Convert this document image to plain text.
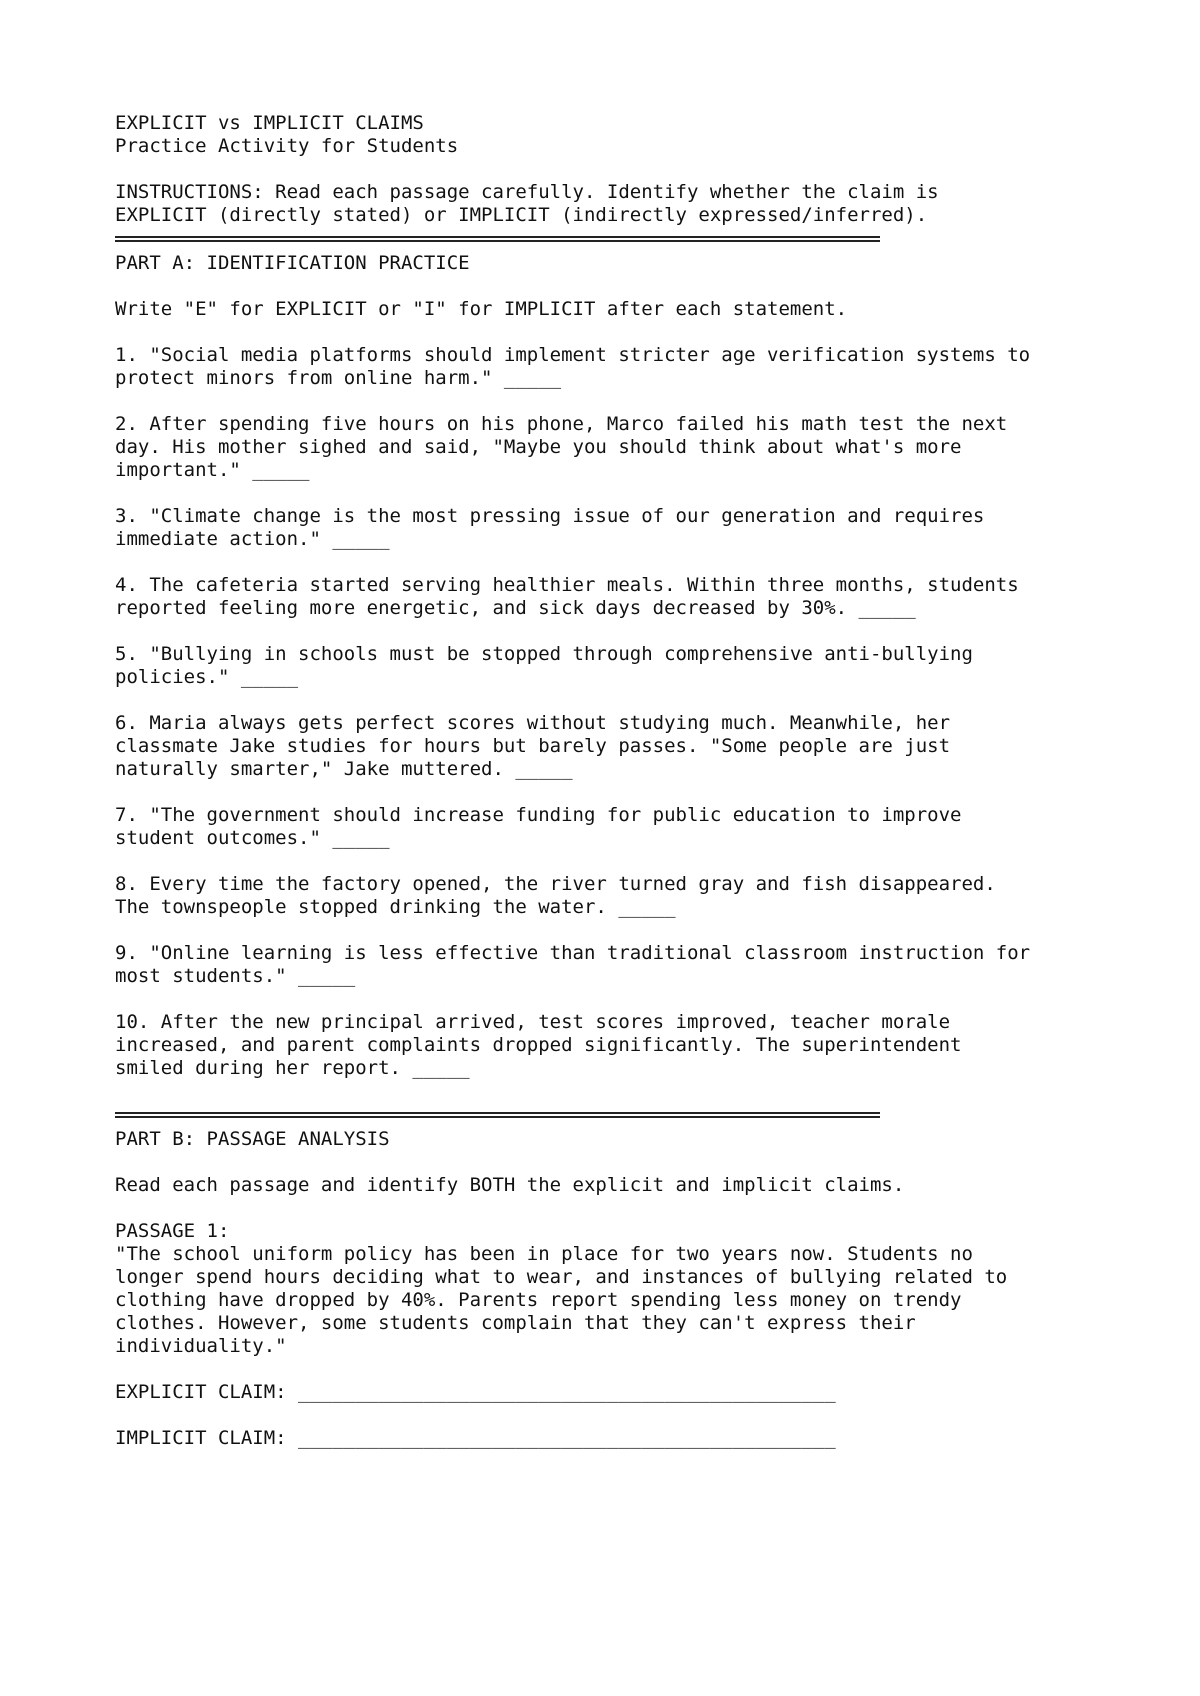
EXPLICIT vs IMPLICIT CLAIMS
Practice Activity for Students
INSTRUCTIONS: Read each passage carefully. Identify whether the claim is
EXPLICIT (directly stated) or IMPLICIT (indirectly expressed/inferred).
PART A: IDENTIFICATION PRACTICE
Write "E" for EXPLICIT or "I" for IMPLICIT after each statement.
1. "Social media platforms should implement stricter age verification systems to
protect minors from online harm." _____
2. After spending five hours on his phone, Marco failed his math test the next
day. His mother sighed and said, "Maybe you should think about what's more
important." _____
3. "Climate change is the most pressing issue of our generation and requires
immediate action." _____
4. The cafeteria started serving healthier meals. Within three months, students
reported feeling more energetic, and sick days decreased by 30%. _____
5. "Bullying in schools must be stopped through comprehensive anti-bullying
policies." _____
6. Maria always gets perfect scores without studying much. Meanwhile, her
classmate Jake studies for hours but barely passes. "Some people are just
naturally smarter," Jake muttered. _____
7. "The government should increase funding for public education to improve
student outcomes." _____
8. Every time the factory opened, the river turned gray and fish disappeared.
The townspeople stopped drinking the water. _____
9. "Online learning is less effective than traditional classroom instruction for
most students." _____
10. After the new principal arrived, test scores improved, teacher morale
increased, and parent complaints dropped significantly. The superintendent
smiled during her report. _____
PART B: PASSAGE ANALYSIS
Read each passage and identify BOTH the explicit and implicit claims.
PASSAGE 1:
"The school uniform policy has been in place for two years now. Students no
longer spend hours deciding what to wear, and instances of bullying related to
clothing have dropped by 40%. Parents report spending less money on trendy
clothes. However, some students complain that they can't express their
individuality."
EXPLICIT CLAIM: _______________________________________________
IMPLICIT CLAIM: _______________________________________________
